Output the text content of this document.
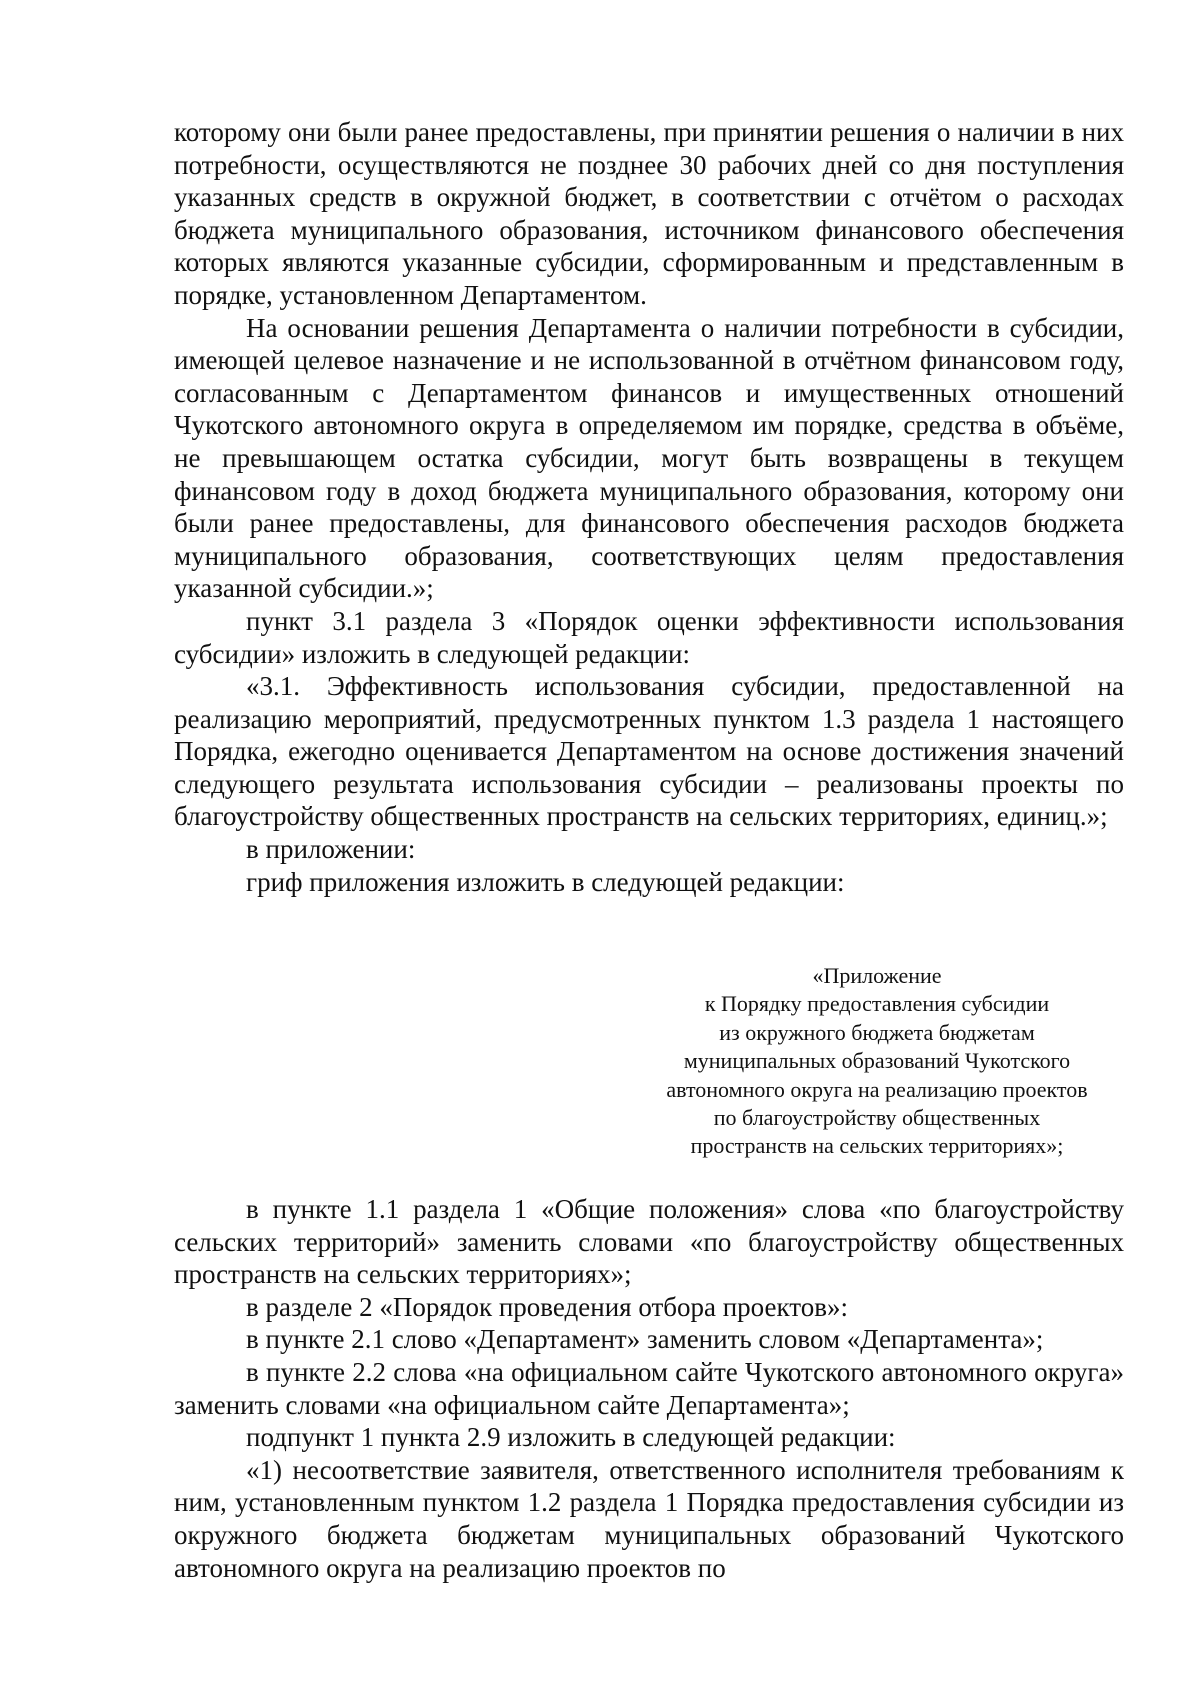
которому они были ранее предоставлены, при принятии решения о наличии в них потребности, осуществляются не позднее 30 рабочих дней со дня поступления указанных средств в окружной бюджет, в соответствии с отчётом о расходах бюджета муниципального образования, источником финансового обеспечения которых являются указанные субсидии, сформированным и представленным в порядке, установленном Департаментом.

На основании решения Департамента о наличии потребности в субсидии, имеющей целевое назначение и не использованной в отчётном финансовом году, согласованным с Департаментом финансов и имущественных отношений Чукотского автономного округа в определяемом им порядке, средства в объёме, не превышающем остатка субсидии, могут быть возвращены в текущем финансовом году в доход бюджета муниципального образования, которому они были ранее предоставлены, для финансового обеспечения расходов бюджета муниципального образования, соответствующих целям предоставления указанной субсидии.»;

пункт 3.1 раздела 3 «Порядок оценки эффективности использования субсидии» изложить в следующей редакции:

«3.1. Эффективность использования субсидии, предоставленной на реализацию мероприятий, предусмотренных пунктом 1.3 раздела 1 настоящего Порядка, ежегодно оценивается Департаментом на основе достижения значений следующего результата использования субсидии – реализованы проекты по благоустройству общественных пространств на сельских территориях, единиц.»;

в приложении:

гриф приложения изложить в следующей редакции:

«Приложение
к Порядку предоставления субсидии
из окружного бюджета бюджетам
муниципальных образований Чукотского
автономного округа на реализацию проектов
по благоустройству общественных
пространств на сельских территориях»;

в пункте 1.1 раздела 1 «Общие положения» слова «по благоустройству сельских территорий» заменить словами «по благоустройству общественных пространств на сельских территориях»;

в разделе 2 «Порядок проведения отбора проектов»:

в пункте 2.1 слово «Департамент» заменить словом «Департамента»;

в пункте 2.2 слова «на официальном сайте Чукотского автономного округа» заменить словами «на официальном сайте Департамента»;

подпункт 1 пункта 2.9 изложить в следующей редакции:

«1) несоответствие заявителя, ответственного исполнителя требованиям к ним, установленным пунктом 1.2 раздела 1 Порядка предоставления субсидии из окружного бюджета бюджетам муниципальных образований Чукотского автономного округа на реализацию проектов по
